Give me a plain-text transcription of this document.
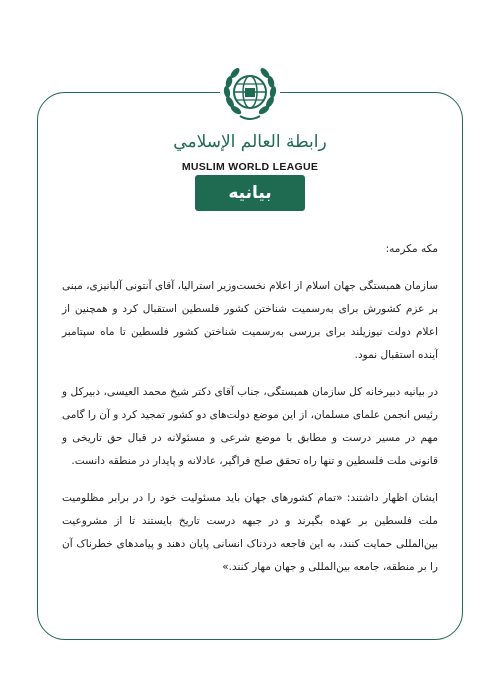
رابطة العالم الإسلامي
MUSLIM WORLD LEAGUE
بیانیه

مکه مکرمه:

سازمان همبستگی جهان اسلام از اعلام نخست‌وزیر استرالیا، آقای آنتونی آلبانیزی، مبنی بر عزم کشورش برای به‌رسمیت شناختن کشور فلسطین استقبال کرد و همچنین از اعلام دولت نیوزیلند برای بررسی به‌رسمیت شناختن کشور فلسطین تا ماه سپتامبر آینده استقبال نمود.

در بیانیه دبیرخانه کل سازمان همبستگی، جناب آقای دکتر شیخ محمد العیسی، دبیرکل و رئیس انجمن علمای مسلمان، از این موضع دولت‌های دو کشور تمجید کرد و آن را گامی مهم در مسیر درست و مطابق با موضع شرعی و مسئولانه در قبال حق تاریخی و قانونی ملت فلسطین و تنها راه تحقق صلح فراگیر، عادلانه و پایدار در منطقه دانست.

ایشان اظهار داشتند: «تمام کشورهای جهان باید مسئولیت خود را در برابر مظلومیت ملت فلسطین بر عهده بگیرند و در جبهه درست تاریخ بایستند تا از مشروعیت بین‌المللی حمایت کنند، به این فاجعه دردناک انسانی پایان دهند و پیامدهای خطرناک آن را بر منطقه، جامعه بین‌المللی و جهان مهار کنند.»
